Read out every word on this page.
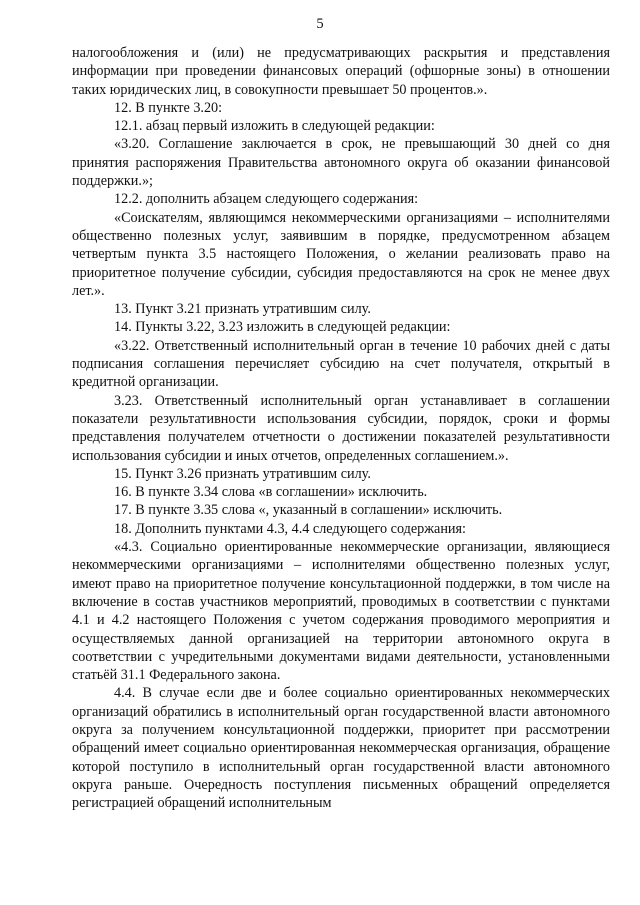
5

налогообложения и (или) не предусматривающих раскрытия и представления информации при проведении финансовых операций (офшорные зоны) в отношении таких юридических лиц, в совокупности превышает 50 процентов.».

12. В пункте 3.20:

12.1. абзац первый изложить в следующей редакции:

«3.20. Соглашение заключается в срок, не превышающий 30 дней со дня принятия распоряжения Правительства автономного округа об оказании финансовой поддержки.»;

12.2. дополнить абзацем следующего содержания:

«Соискателям, являющимся некоммерческими организациями – исполнителями общественно полезных услуг, заявившим в порядке, предусмотренном абзацем четвертым пункта 3.5 настоящего Положения, о желании реализовать право на приоритетное получение субсидии, субсидия предоставляются на срок не менее двух лет.».

13. Пункт 3.21 признать утратившим силу.

14. Пункты 3.22, 3.23 изложить в следующей редакции:

«3.22. Ответственный исполнительный орган в течение 10 рабочих дней с даты подписания соглашения перечисляет субсидию на счет получателя, открытый в кредитной организации.

3.23. Ответственный исполнительный орган устанавливает в соглашении показатели результативности использования субсидии, порядок, сроки и формы представления получателем отчетности о достижении показателей результативности использования субсидии и иных отчетов, определенных соглашением.».

15. Пункт 3.26 признать утратившим силу.

16. В пункте 3.34 слова «в соглашении» исключить.

17. В пункте 3.35 слова «, указанный в соглашении» исключить.

18. Дополнить пунктами 4.3, 4.4 следующего содержания:

«4.3. Социально ориентированные некоммерческие организации, являющиеся некоммерческими организациями – исполнителями общественно полезных услуг, имеют право на приоритетное получение консультационной поддержки, в том числе на включение в состав участников мероприятий, проводимых в соответствии с пунктами 4.1 и 4.2 настоящего Положения с учетом содержания проводимого мероприятия и осуществляемых данной организацией на территории автономного округа в соответствии с учредительными документами видами деятельности, установленными статьёй 31.1 Федерального закона.

4.4. В случае если две и более социально ориентированных некоммерческих организаций обратились в исполнительный орган государственной власти автономного округа за получением консультационной поддержки, приоритет при рассмотрении обращений имеет социально ориентированная некоммерческая организация, обращение которой поступило в исполнительный орган государственной власти автономного округа раньше. Очередность поступления письменных обращений определяется регистрацией обращений исполнительным
